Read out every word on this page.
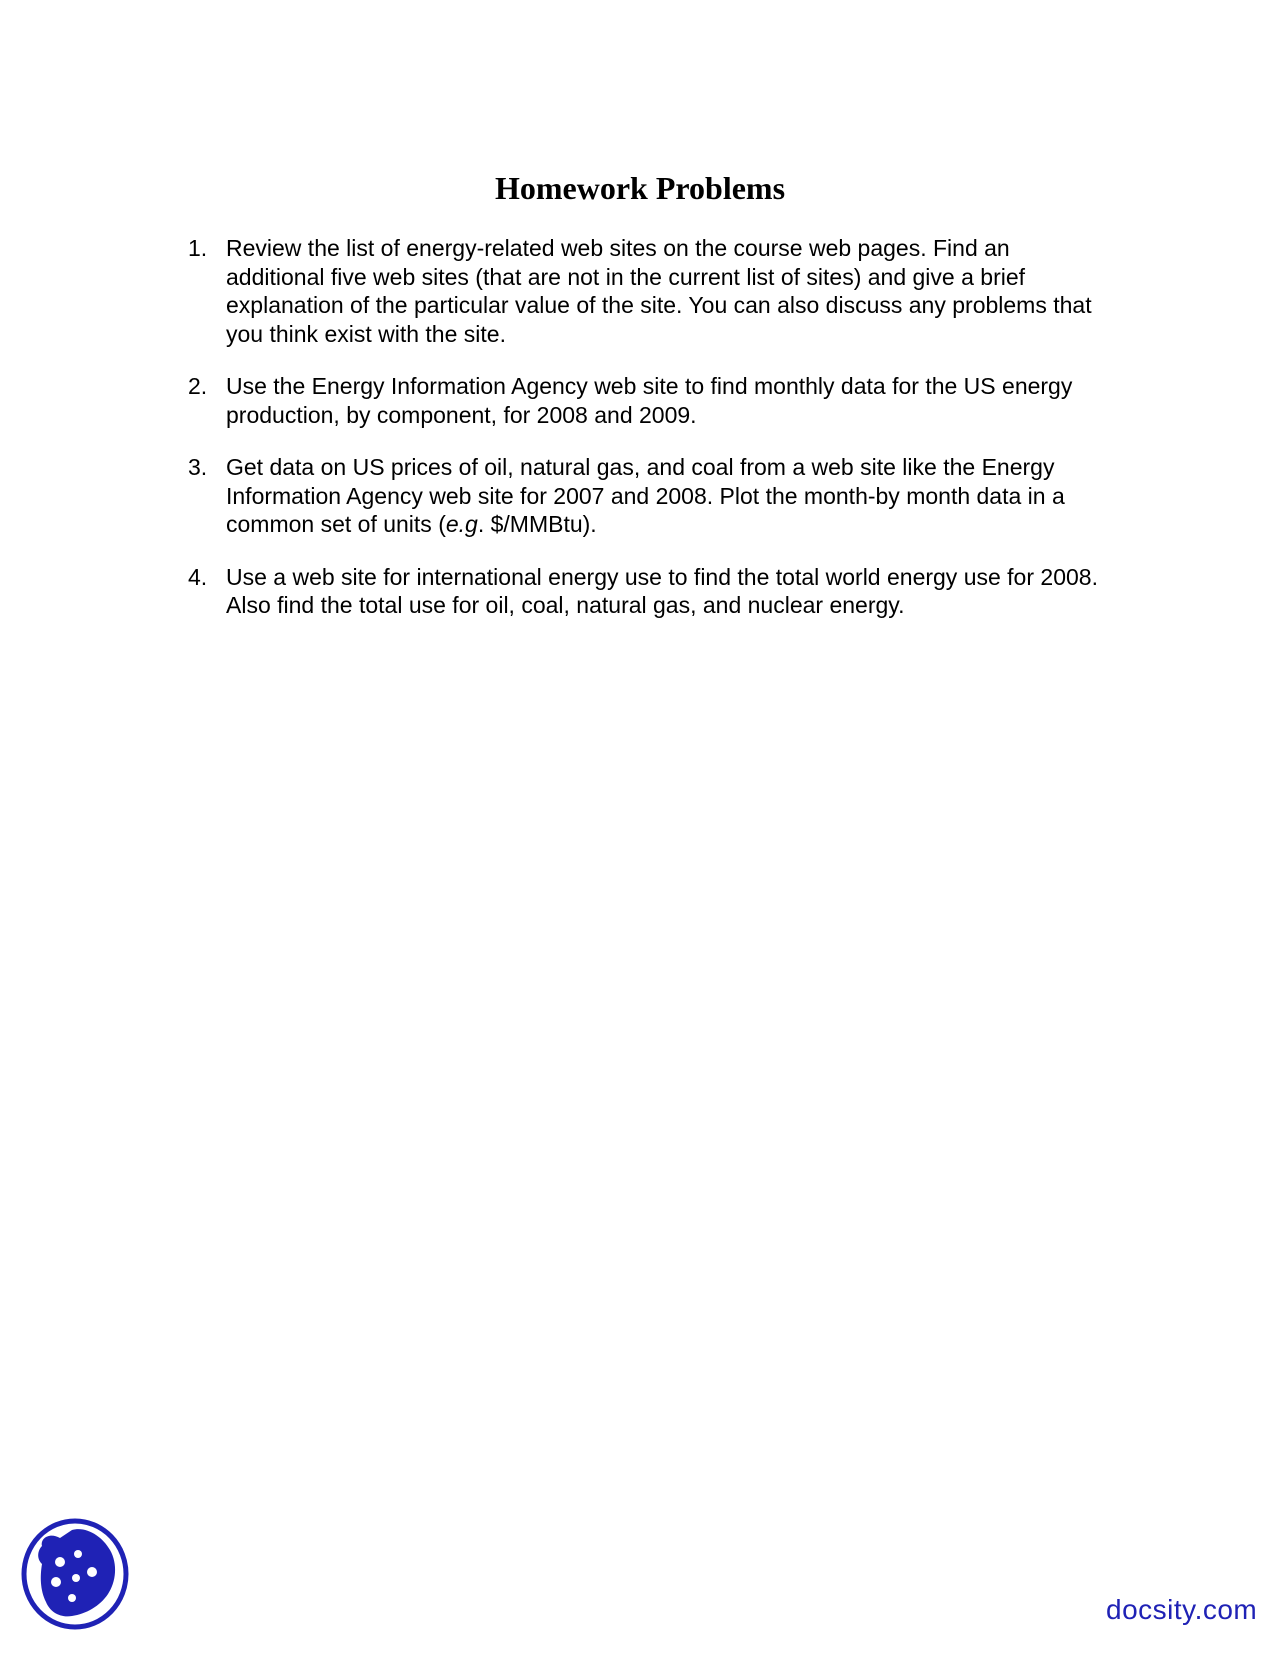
Homework Problems
1. Review the list of energy-related web sites on the course web pages. Find an additional five web sites (that are not in the current list of sites) and give a brief explanation of the particular value of the site. You can also discuss any problems that you think exist with the site.
2. Use the Energy Information Agency web site to find monthly data for the US energy production, by component, for 2008 and 2009.
3. Get data on US prices of oil, natural gas, and coal from a web site like the Energy Information Agency web site for 2007 and 2008. Plot the month-by month data in a common set of units (e.g. $/MMBtu).
4. Use a web site for international energy use to find the total world energy use for 2008. Also find the total use for oil, coal, natural gas, and nuclear energy.
docsity.com
